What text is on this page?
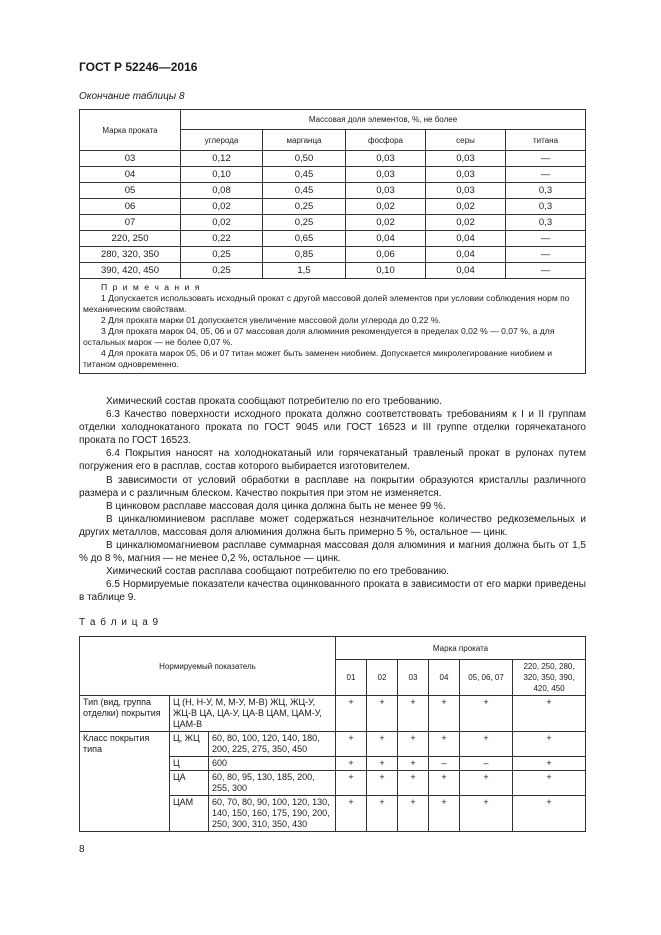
ГОСТ Р 52246—2016
Окончание таблицы 8
Марка проката	Массовая доля элементов, %, не более				
	углерода	марганца	фосфора	серы	титана
03	0,12	0,50	0,03	0,03	—
04	0,10	0,45	0,03	0,03	—
05	0,08	0,45	0,03	0,03	0,3
06	0,02	0,25	0,02	0,02	0,3
07	0,02	0,25	0,02	0,02	0,3
220, 250	0,22	0,65	0,04	0,04	—
280, 320, 350	0,25	0,85	0,06	0,04	—
390, 420, 450	0,25	1,5	0,10	0,04	—

П р и м е ч а н и я

1 Допускается использовать исходный прокат с другой массовой долей элементов при условии соблюдения норм по механическим свойствам.

2 Для проката марки 01 допускается увеличение массовой доли углерода до 0,22 %.

3 Для проката марок 04, 05, 06 и 07 массовая доля алюминия рекомендуется в пределах 0,02 % — 0,07 %, а для остальных марок — не более 0,07 %.

4 Для проката марок 05, 06 и 07 титан может быть заменен ниобием. Допускается микролегирование ниобием и титаном одновременно.					

Химический состав проката сообщают потребителю по его требованию.

6.3 Качество поверхности исходного проката должно соответствовать требованиям к I и II группам отделки холоднокатаного проката по ГОСТ 9045 или ГОСТ 16523 и III группе отделки горячекатаного проката по ГОСТ 16523.

6.4 Покрытия наносят на холоднокатаный или горячекатаный травленый прокат в рулонах путем погружения его в расплав, состав которого выбирается изготовителем.

В зависимости от условий обработки в расплаве на покрытии образуются кристаллы различного размера и с различным блеском. Качество покрытия при этом не изменяется.

В цинковом расплаве массовая доля цинка должна быть не менее 99 %.

В цинкалюминиевом расплаве может содержаться незначительное количество редкоземельных и других металлов, массовая доля алюминия должна быть примерно 5 %, остальное — цинк.

В цинкалюмомагниевом расплаве суммарная массовая доля алюминия и магния должна быть от 1,5 % до 8 %, магния — не менее 0,2 %, остальное — цинк.

Химический состав расплава сообщают потребителю по его требованию.

6.5 Нормируемые показатели качества оцинкованного проката в зависимости от его марки приведены в таблице 9.

Т а б л и ц а 9
Нормируемый показатель		Марка проката					
		01	02	03	04	05, 06, 07	220, 250, 280, 320, 350, 390, 420, 450
Тип (вид, группа отделки) покрытия	Ц (Н, Н-У, М, М-У, М-В) ЖЦ, ЖЦ-У, ЖЦ-В ЦА, ЦА-У, ЦА-В ЦАМ, ЦАМ-У, ЦАМ-В	+	+	+	+	+	+
Класс покрытия типа	Ц, ЖЦ 60, 80, 100, 120, 140, 180, 200, 225, 275, 350, 450	+	+	+	+	+	+

	Ц 600	+	+	+	–	–	+

	ЦА 60, 80, 95, 130, 185, 200, 255, 300	+	+	+	+	+	+

	ЦАМ 60, 70, 80, 90, 100, 120, 130, 140, 150, 160, 175, 190, 200, 250, 300, 310, 350, 430	+	+	+	+	+	+
8
